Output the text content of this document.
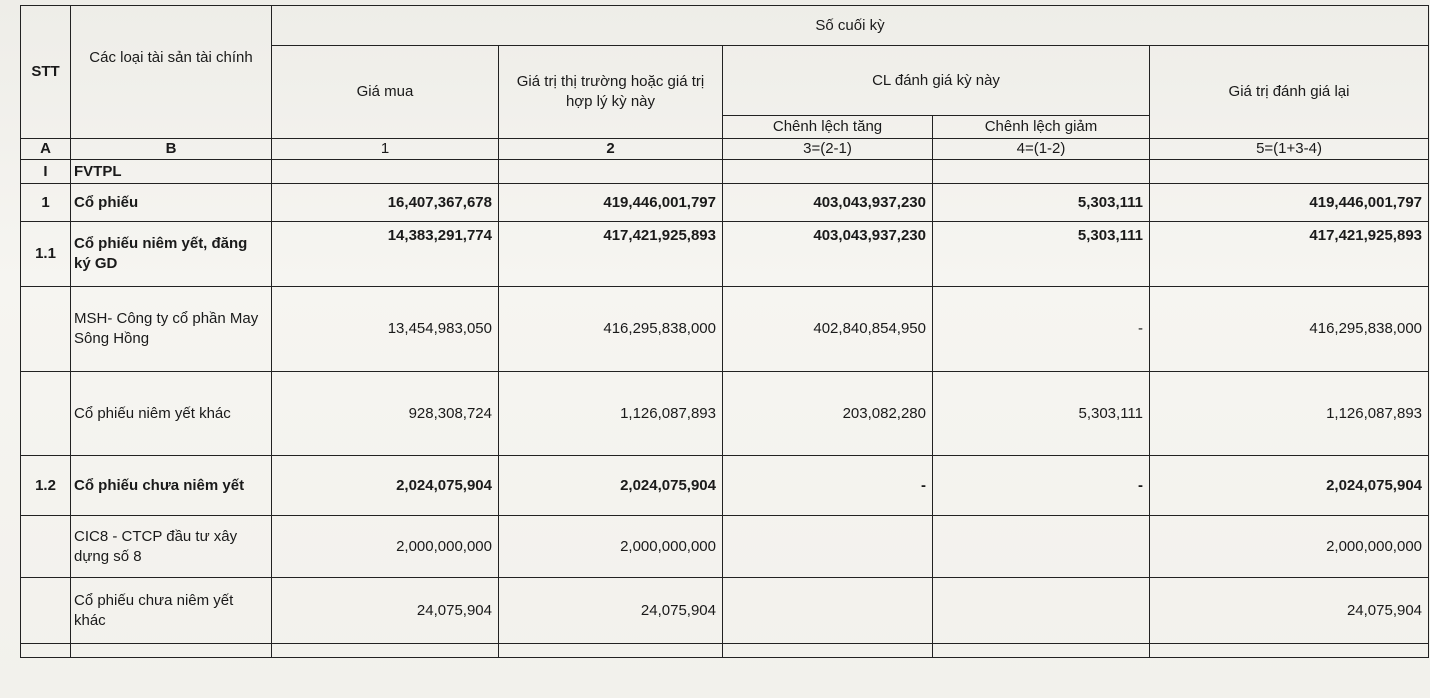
STT	Các loại tài sản tài chính	Số cuối kỳ				
		Giá mua	Giá trị thị trường hoặc giá trị hợp lý kỳ này	CL đánh giá kỳ này		Giá trị đánh giá lại
				Chênh lệch tăng	Chênh lệch giảm	
A	B	1	2	3=(2-1)	4=(1-2)	5=(1+3-4)
I	FVTPL					
1	Cổ phiếu	16,407,367,678	419,446,001,797	403,043,937,230	5,303,111	419,446,001,797
1.1	Cổ phiếu niêm yết, đăng ký GD	14,383,291,774	417,421,925,893	403,043,937,230	5,303,111	417,421,925,893
	MSH- Công ty cổ phần May Sông Hồng	13,454,983,050	416,295,838,000	402,840,854,950	-	416,295,838,000
	Cổ phiếu niêm yết khác	928,308,724	1,126,087,893	203,082,280	5,303,111	1,126,087,893
1.2	Cổ phiếu chưa niêm yết	2,024,075,904	2,024,075,904	-	-	2,024,075,904
	CIC8 - CTCP đầu tư xây dựng số 8	2,000,000,000	2,000,000,000			2,000,000,000
	Cổ phiếu chưa niêm yết khác	24,075,904	24,075,904			24,075,904
